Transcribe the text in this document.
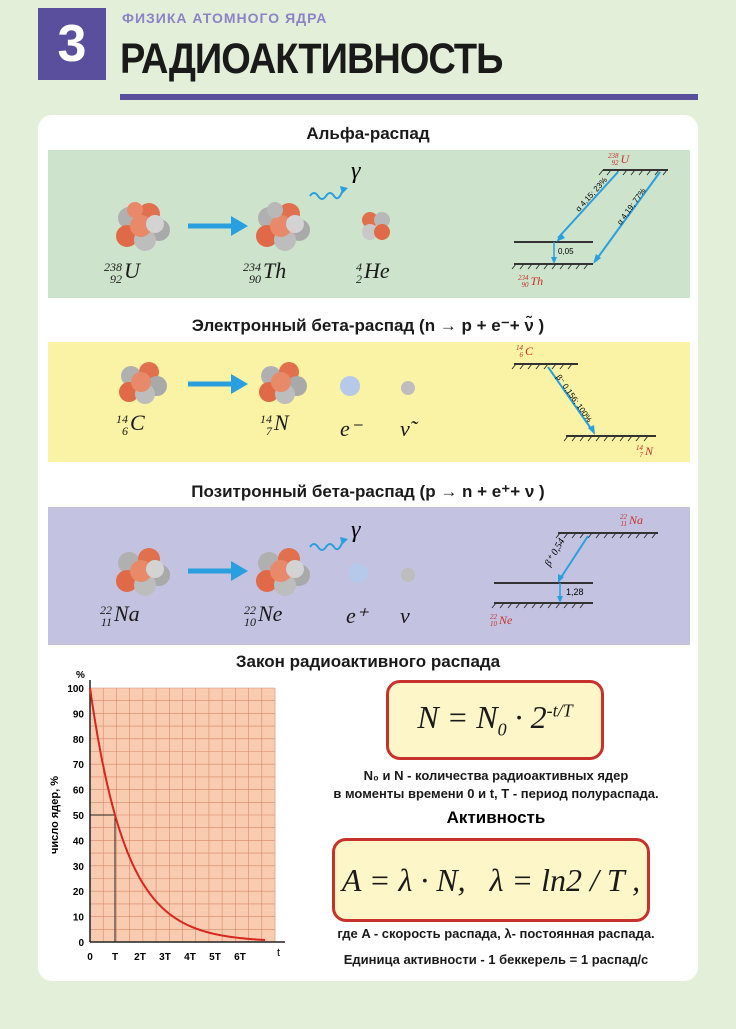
3	ФИЗИКА АТОМНОГО ЯДРА
РАДИОАКТИВНОСТЬ
Альфа-распад
γ
238
92U	234
90Th	4
2He
238
92 U
234
90 Th
α 4,15; 23% α 4,19; 77%
0,05
Электронный бета-распад (n → p + e⁻+ ν̃ )
14
6C	14
7N e⁻ ν̃
14
6 C
14
7 N
β⁻ 0,156; 100%
Позитронный бета-распад (p → n + e⁺+ ν )
γ
22
11Na	22
10Ne	e⁺ ν
22
11 Na
22
10 Ne
β⁺ 0,54
1,28
Закон радиоактивного распада
0
10
20
30
40
50
60
70
80
90
100
0 T 2T 3T 4T 5T 6T	t
%
число ядер, %
$N = N_0 \cdot 2^{-t/T}$
N₀ и N - количества радиоактивных ядер
в моменты времени 0 и t, T - период полураспада.
Активность
A = λ · N,   λ = ln2 / T ,
где A - скорость распада, λ- постоянная распада.
Единица активности - 1 беккерель = 1 распад/с
